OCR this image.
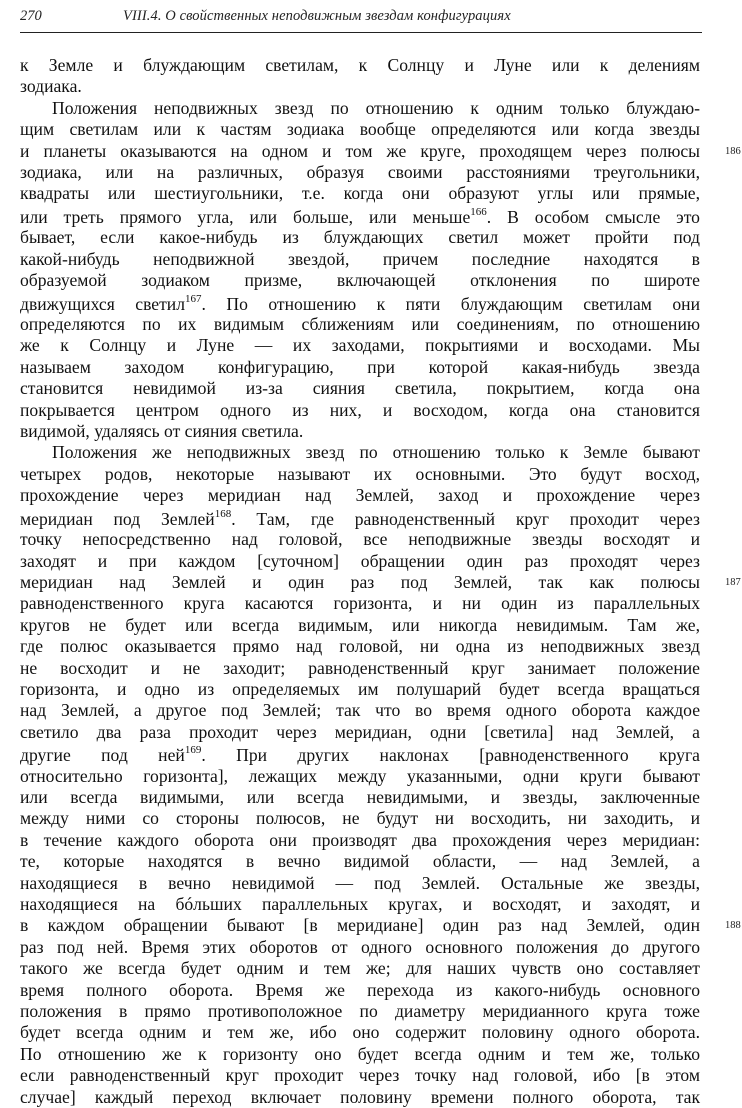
270	VIII.4. О свойственных неподвижным звездам конфигурациях
к Земле и блуждающим светилам, к Солнцу и Луне или к делениям
зодиака.
Положения неподвижных звезд по отношению к одним только блуждаю-
щим светилам или к частям зодиака вообще определяются или когда звезды
и планеты оказываются на одном и том же круге, проходящем через полюсы 186
зодиака, или на различных, образуя своими расстояниями треугольники,
квадраты или шестиугольники, т.е. когда они образуют углы или прямые,
или треть прямого угла, или больше, или меньше$^{166}$. В особом смысле это
бывает, если какое-нибудь из блуждающих светил может пройти под
какой-нибудь неподвижной звездой, причем последние находятся в
образуемой зодиаком призме, включающей отклонения по широте
движущихся светил$^{167}$. По отношению к пяти блуждающим светилам они
определяются по их видимым сближениям или соединениям, по отношению
же к Солнцу и Луне — их заходами, покрытиями и восходами. Мы
называем заходом конфигурацию, при которой какая-нибудь звезда
становится невидимой из-за сияния светила, покрытием, когда она
покрывается центром одного из них, и восходом, когда она становится
видимой, удаляясь от сияния светила.
Положения же неподвижных звезд по отношению только к Земле бывают
четырех родов, некоторые называют их основными. Это будут восход,
прохождение через меридиан над Землей, заход и прохождение через
меридиан под Землей$^{168}$. Там, где равноденственный круг проходит через
точку непосредственно над головой, все неподвижные звезды восходят и
заходят и при каждом [суточном] обращении один раз проходят через
меридиан над Землей и один раз под Землей, так как полюсы 187
равноденственного круга касаются горизонта, и ни один из параллельных
кругов не будет или всегда видимым, или никогда невидимым. Там же,
где полюс оказывается прямо над головой, ни одна из неподвижных звезд
не восходит и не заходит; равноденственный круг занимает положение
горизонта, и одно из определяемых им полушарий будет всегда вращаться
над Землей, а другое под Землей; так что во время одного оборота каждое
светило два раза проходит через меридиан, одни [светила] над Землей, а
другие под ней$^{169}$. При других наклонах [равноденственного круга
относительно горизонта], лежащих между указанными, одни круги бывают
или всегда видимыми, или всегда невидимыми, и звезды, заключенные
между ними со стороны полюсов, не будут ни восходить, ни заходить, и
в течение каждого оборота они производят два прохождения через меридиан:
те, которые находятся в вечно видимой области, — над Землей, а
находящиеся в вечно невидимой — под Землей. Остальные же звезды,
находящиеся на бóльших параллельных кругах, и восходят, и заходят, и
в каждом обращении бывают [в меридиане] один раз над Землей, один 188
раз под ней. Время этих оборотов от одного основного положения до другого
такого же всегда будет одним и тем же; для наших чувств оно составляет
время полного оборота. Время же перехода из какого-нибудь основного
положения в прямо противоположное по диаметру меридианного круга тоже
будет всегда одним и тем же, ибо оно содержит половину одного оборота.
По отношению же к горизонту оно будет всегда одним и тем же, только
если равноденственный круг проходит через точку над головой, ибо [в этом
случае] каждый переход включает половину времени полного оборота, так
